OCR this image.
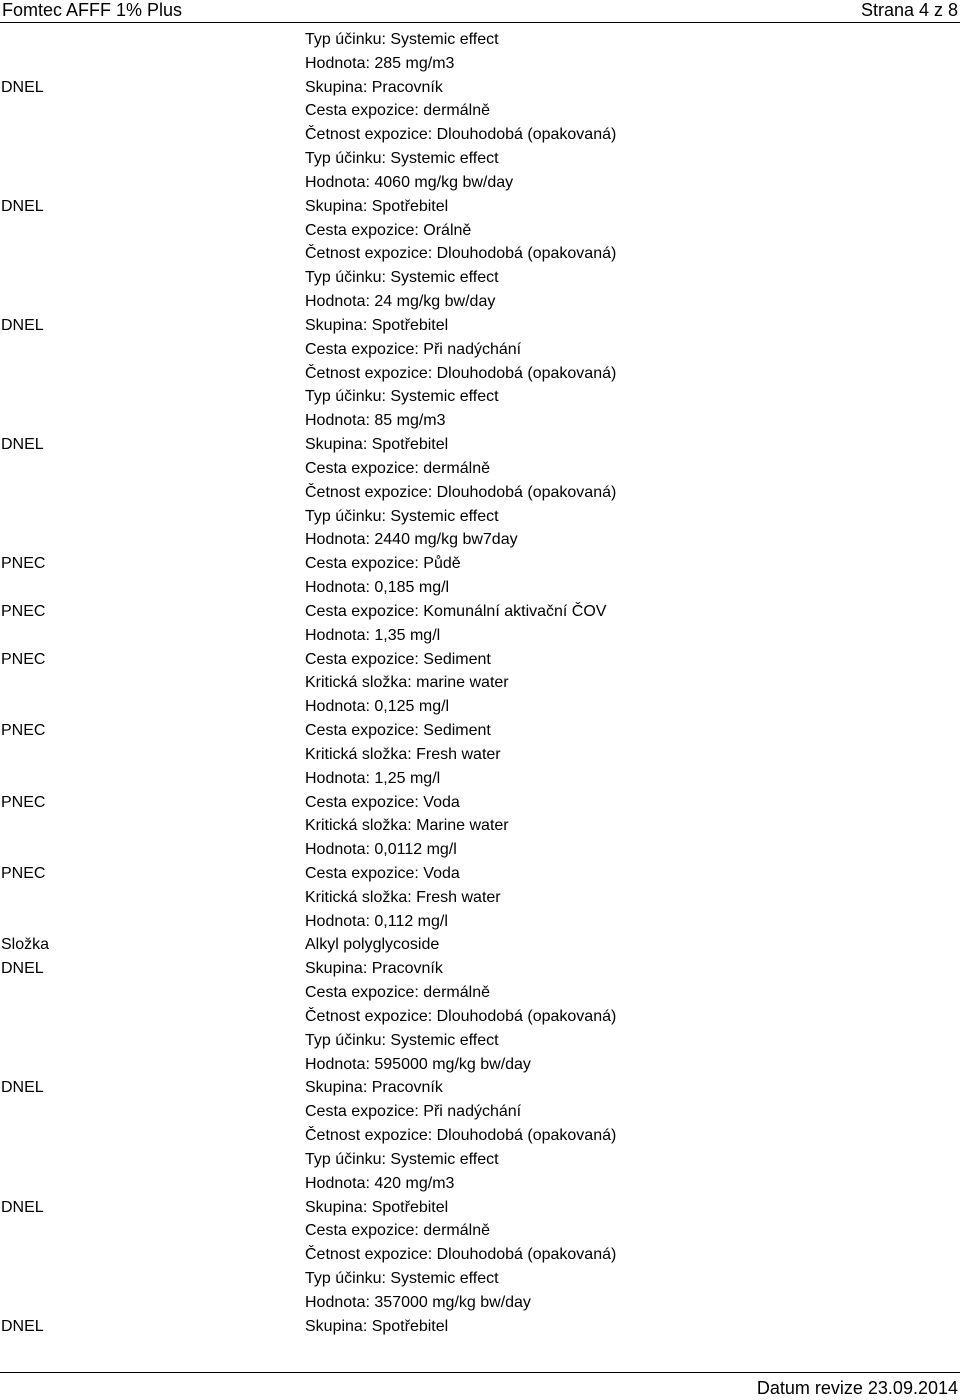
Fomtec AFFF 1% Plus	Strana 4 z 8
Typ účinku: Systemic effect
Hodnota: 285 mg/m3
DNEL	Skupina: Pracovník
Cesta expozice: dermálně
Četnost expozice: Dlouhodobá (opakovaná)
Typ účinku: Systemic effect
Hodnota: 4060 mg/kg bw/day
DNEL	Skupina: Spotřebitel
Cesta expozice: Orálně
Četnost expozice: Dlouhodobá (opakovaná)
Typ účinku: Systemic effect
Hodnota: 24 mg/kg bw/day
DNEL	Skupina: Spotřebitel
Cesta expozice: Při nadýchání
Četnost expozice: Dlouhodobá (opakovaná)
Typ účinku: Systemic effect
Hodnota: 85 mg/m3
DNEL	Skupina: Spotřebitel
Cesta expozice: dermálně
Četnost expozice: Dlouhodobá (opakovaná)
Typ účinku: Systemic effect
Hodnota: 2440 mg/kg bw7day
PNEC	Cesta expozice: Půdě
Hodnota: 0,185 mg/l
PNEC	Cesta expozice: Komunální aktivační ČOV
Hodnota: 1,35 mg/l
PNEC	Cesta expozice: Sediment
Kritická složka: marine water
Hodnota: 0,125 mg/l
PNEC	Cesta expozice: Sediment
Kritická složka: Fresh water
Hodnota: 1,25 mg/l
PNEC	Cesta expozice: Voda
Kritická složka: Marine water
Hodnota: 0,0112 mg/l
PNEC	Cesta expozice: Voda
Kritická složka: Fresh water
Hodnota: 0,112 mg/l
Složka	Alkyl polyglycoside
DNEL	Skupina: Pracovník
Cesta expozice: dermálně
Četnost expozice: Dlouhodobá (opakovaná)
Typ účinku: Systemic effect
Hodnota: 595000 mg/kg bw/day
DNEL	Skupina: Pracovník
Cesta expozice: Při nadýchání
Četnost expozice: Dlouhodobá (opakovaná)
Typ účinku: Systemic effect
Hodnota: 420 mg/m3
DNEL	Skupina: Spotřebitel
Cesta expozice: dermálně
Četnost expozice: Dlouhodobá (opakovaná)
Typ účinku: Systemic effect
Hodnota: 357000 mg/kg bw/day
DNEL	Skupina: Spotřebitel
Datum revize 23.09.2014
